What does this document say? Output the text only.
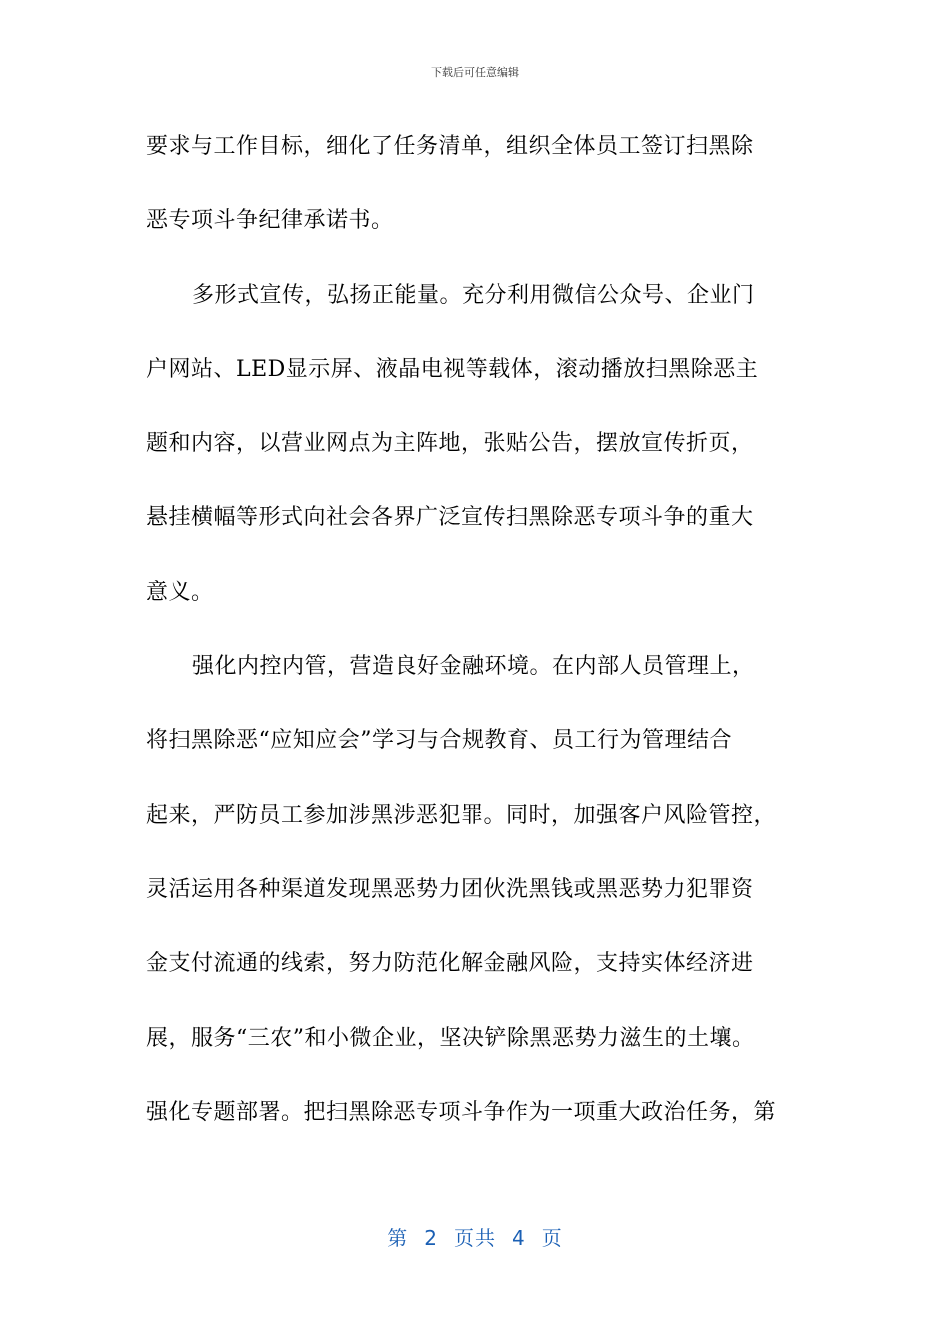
下载后可任意编辑
要求与工作目标，细化了任务清单，组织全体员工签订扫黑除
恶专项斗争纪律承诺书。
多形式宣传，弘扬正能量。充分利用微信公众号、企业门
户网站、LED显示屏、液晶电视等载体，滚动播放扫黑除恶主
题和内容，以营业网点为主阵地，张贴公告，摆放宣传折页，
悬挂横幅等形式向社会各界广泛宣传扫黑除恶专项斗争的重大
意义。
强化内控内管，营造良好金融环境。在内部人员管理上，
将扫黑除恶“应知应会”学习与合规教育、员工行为管理结合
起来，严防员工参加涉黑涉恶犯罪。同时，加强客户风险管控，
灵活运用各种渠道发现黑恶势力团伙洗黑钱或黑恶势力犯罪资
金支付流通的线索，努力防范化解金融风险，支持实体经济进
展，服务“三农”和小微企业，坚决铲除黑恶势力滋生的土壤。
强化专题部署。把扫黑除恶专项斗争作为一项重大政治任务，第
第 2 页共 4 页
